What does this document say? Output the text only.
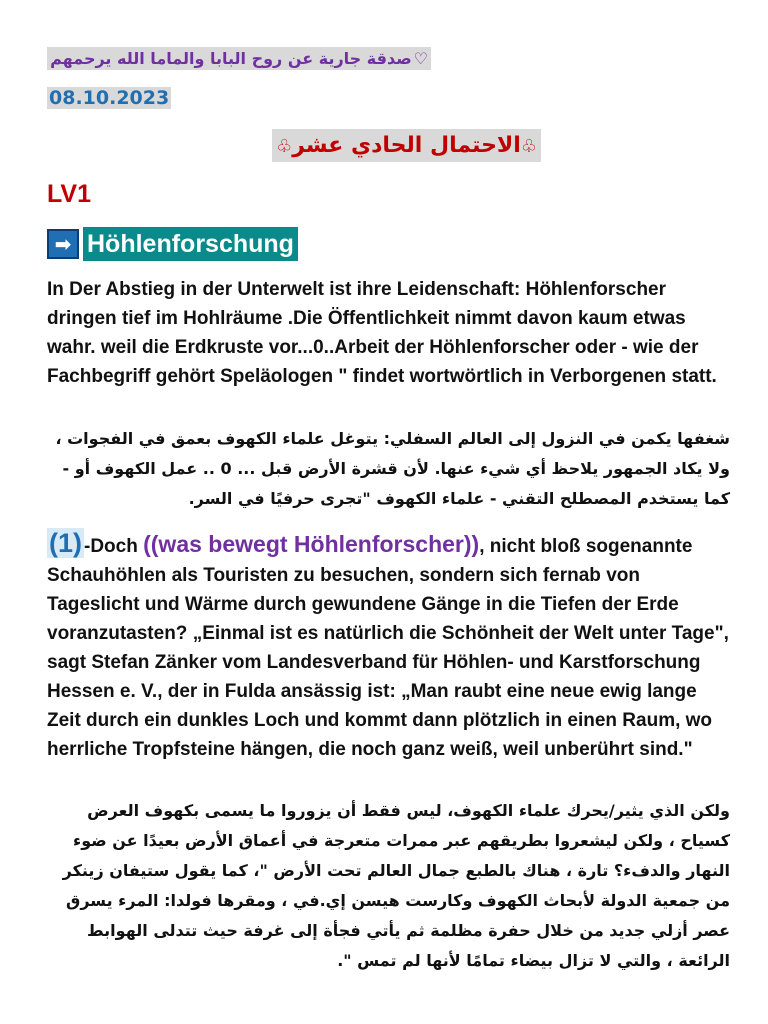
♡صدقة جارية عن روح البابا والماما الله يرحمهم
08.10.2023
♧الاحتمال الحادي عشر♧
LV1
➡ Höhlenforschung
In Der Abstieg in der Unterwelt ist ihre Leidenschaft: Höhlenforscher dringen tief im Hohlräume .Die Öffentlichkeit nimmt davon kaum etwas wahr. weil die Erdkruste vor...0..Arbeit der Höhlenforscher oder - wie der Fachbegriff gehört Speläologen " findet wortwörtlich in Verborgenen statt.
شغفها يكمن في النزول إلى العالم السفلي: يتوغل علماء الكهوف بعمق في الفجوات ، ولا يكاد الجمهور يلاحظ أي شيء عنها. لأن قشرة الأرض قبل ... 0 .. عمل الكهوف أو - كما يستخدم المصطلح التقني - علماء الكهوف "تجرى حرفيًا في السر.
(1) -Doch ((was bewegt Höhlenforscher)), nicht bloß sogenannte Schauhöhlen als Touristen zu besuchen, sondern sich fernab von Tageslicht und Wärme durch gewundene Gänge in die Tiefen der Erde voranzutasten? „Einmal ist es natürlich die Schönheit der Welt unter Tage", sagt Stefan Zänker vom Landesverband für Höhlen- und Karstforschung Hessen e. V., der in Fulda ansässig ist: „Man raubt eine neue ewig lange Zeit durch ein dunkles Loch und kommt dann plötzlich in einen Raum, wo herrliche Tropfsteine hängen, die noch ganz weiß, weil unberührt sind."
ولكن الذي يثير/يحرك علماء الكهوف، ليس فقط أن يزوروا ما يسمى بكهوف العرض كسياح ، ولكن ليشعروا بطريقهم عبر ممرات متعرجة في أعماق الأرض بعيدًا عن ضوء النهار والدفء؟ تارة ، هناك بالطبع جمال العالم تحت الأرض "، كما يقول ستيفان زينكر من جمعية الدولة لأبحاث الكهوف وكارست هيسن إي.في ، ومقرها فولدا: المرء يسرق عصر أزلي جديد من خلال حفرة مظلمة ثم يأتي فجأة إلى غرفة حيث تتدلى الهوابط الرائعة ، والتي لا تزال بيضاء تمامًا لأنها لم تمس ".
